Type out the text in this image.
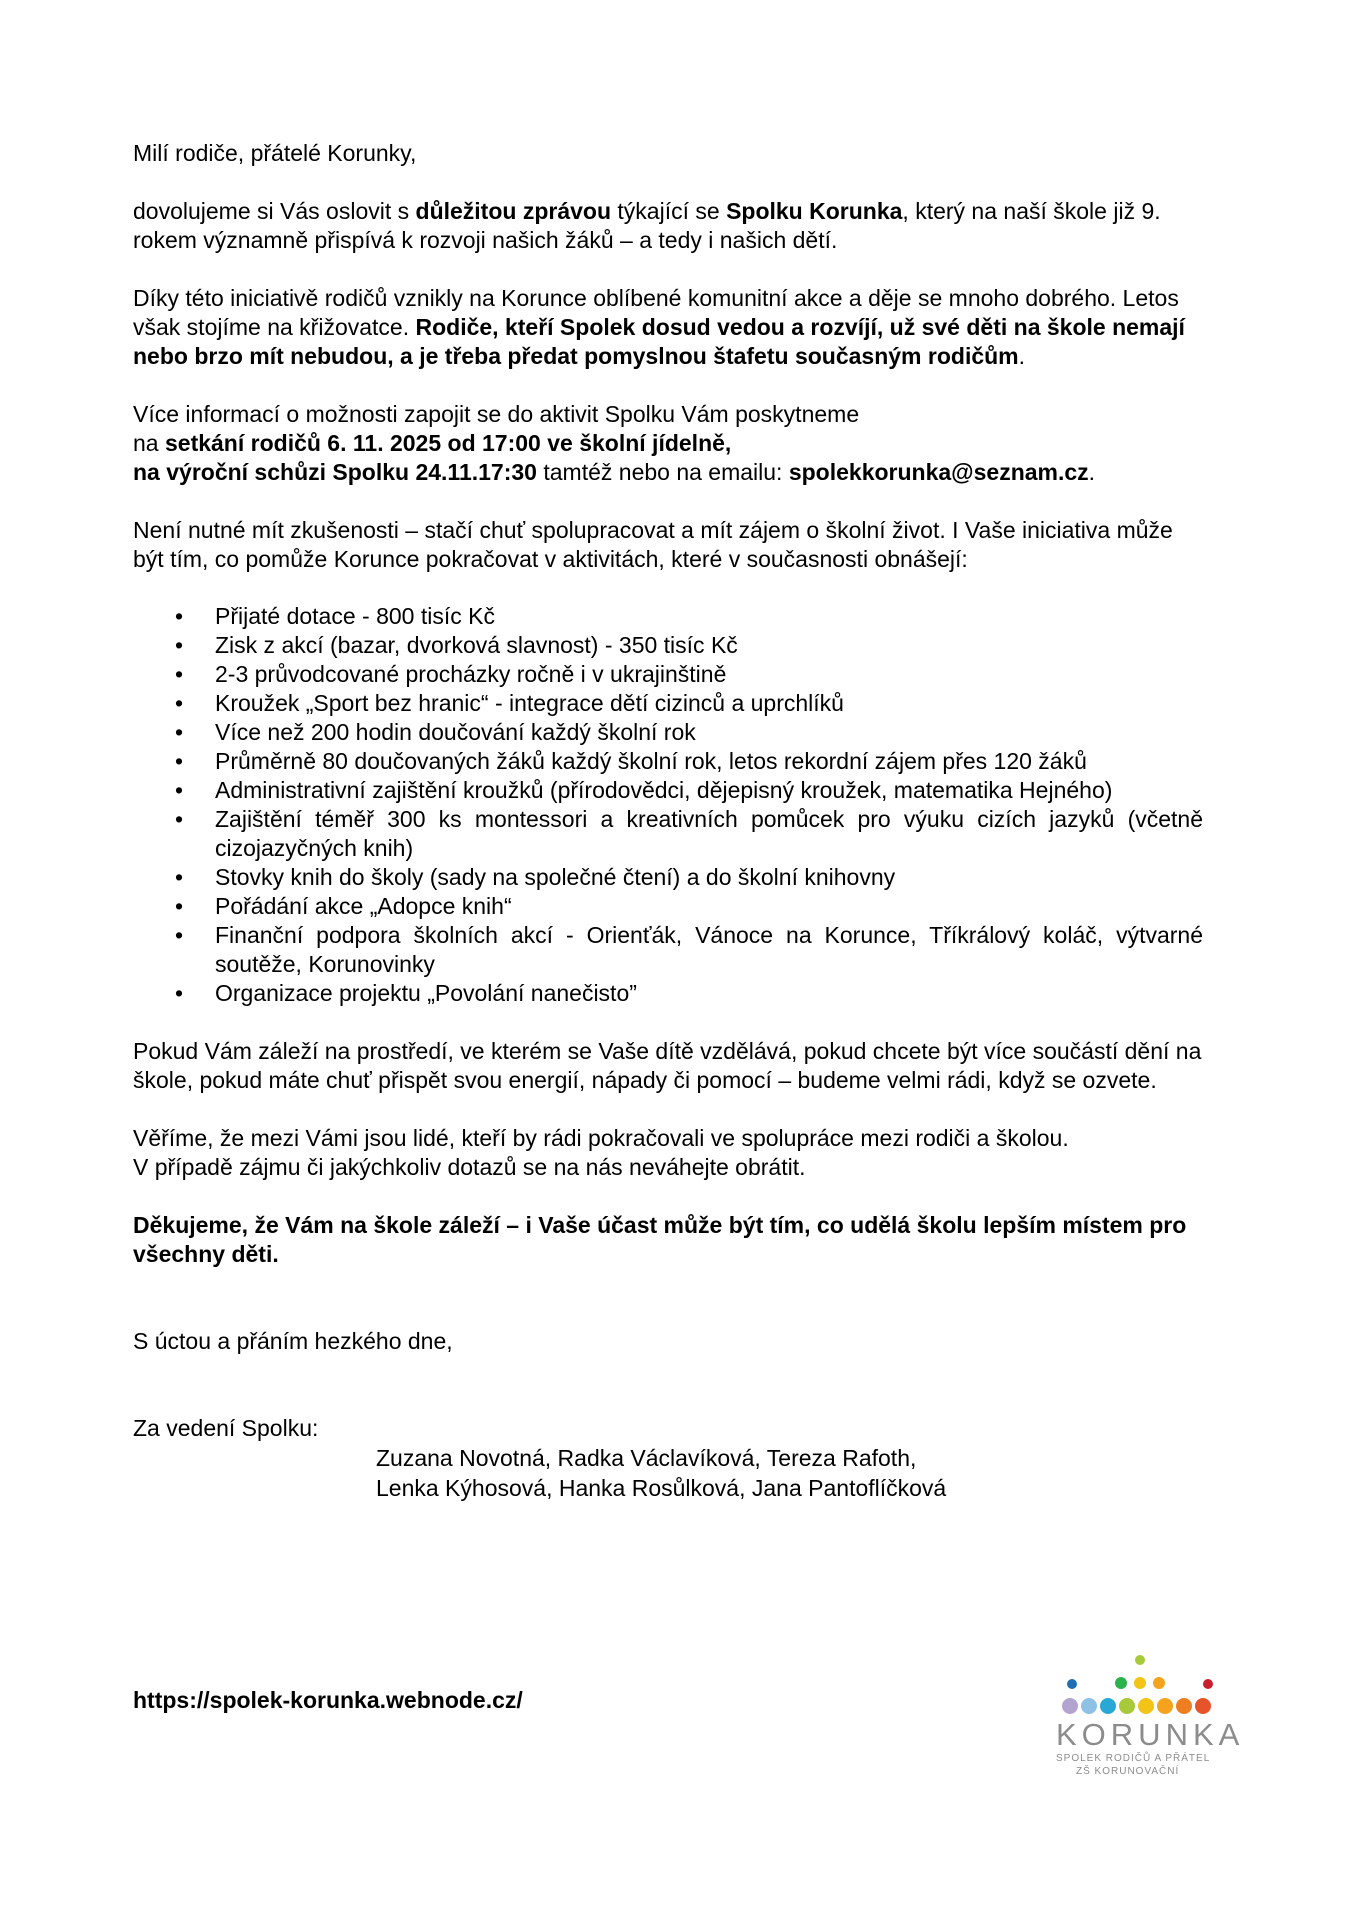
Milí rodiče, přátelé Korunky,

dovolujeme si Vás oslovit s důležitou zprávou týkající se Spolku Korunka, který na naší škole již 9. rokem významně přispívá k rozvoji našich žáků – a tedy i našich dětí.

Díky této iniciativě rodičů vznikly na Korunce oblíbené komunitní akce a děje se mnoho dobrého. Letos však stojíme na křižovatce. Rodiče, kteří Spolek dosud vedou a rozvíjí, už své děti na škole nemají nebo brzo mít nebudou, a je třeba předat pomyslnou štafetu současným rodičům.

Více informací o možnosti zapojit se do aktivit Spolku Vám poskytneme
na setkání rodičů 6. 11. 2025 od 17:00 ve školní jídelně,
na výroční schůzi Spolku 24.11.17:30 tamtéž nebo na emailu: spolekkorunka@seznam.cz.

Není nutné mít zkušenosti – stačí chuť spolupracovat a mít zájem o školní život. I Vaše iniciativa může být tím, co pomůže Korunce pokračovat v aktivitách, které v současnosti obnášejí:

• Přijaté dotace - 800 tisíc Kč
• Zisk z akcí (bazar, dvorková slavnost) - 350 tisíc Kč
• 2-3 průvodcované procházky ročně i v ukrajinštině
• Kroužek „Sport bez hranic“ - integrace dětí cizinců a uprchlíků
• Více než 200 hodin doučování každý školní rok
• Průměrně 80 doučovaných žáků každý školní rok, letos rekordní zájem přes 120 žáků
• Administrativní zajištění kroužků (přírodovědci, dějepisný kroužek, matematika Hejného)
• Zajištění téměř 300 ks montessori a kreativních pomůcek pro výuku cizích jazyků (včetně cizojazyčných knih)
• Stovky knih do školy (sady na společné čtení) a do školní knihovny
• Pořádání akce „Adopce knih“
• Finanční podpora školních akcí - Orienťák, Vánoce na Korunce, Tříkrálový koláč, výtvarné soutěže, Korunovinky
• Organizace projektu „Povolání nanečisto”

Pokud Vám záleží na prostředí, ve kterém se Vaše dítě vzdělává, pokud chcete být více součástí dění na škole, pokud máte chuť přispět svou energií, nápady či pomocí – budeme velmi rádi, když se ozvete.

Věříme, že mezi Vámi jsou lidé, kteří by rádi pokračovali ve spolupráce mezi rodiči a školou.
V případě zájmu či jakýchkoliv dotazů se na nás neváhejte obrátit.

Děkujeme, že Vám na škole záleží – i Vaše účast může být tím, co udělá školu lepším místem pro všechny děti.

S úctou a přáním hezkého dne,

Za vedení Spolku:

Zuzana Novotná, Radka Václavíková, Tereza Rafoth,
Lenka Kýhosová, Hanka Rosůlková, Jana Pantoflíčková
https://spolek-korunka.webnode.cz/
KORUNKA
SPOLEK RODIČŮ A PŘÁTEL
ZŠ KORUNOVAČNÍ
